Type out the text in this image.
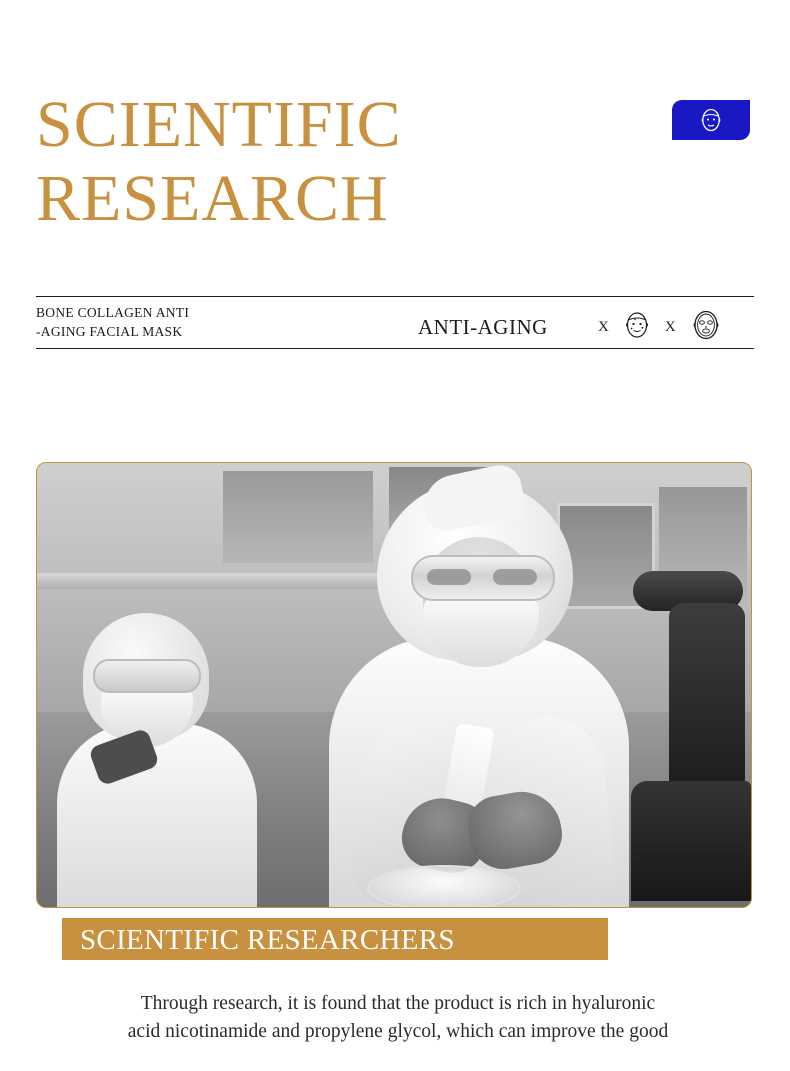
SCIENTIFIC
RESEARCH
BONE COLLAGEN ANTI
-AGING FACIAL MASK	ANTI-AGING	X	X
SCIENTIFIC RESEARCHERS
Through research, it is found that the product is rich in hyaluronic
acid nicotinamide and propylene glycol, which can improve the good
